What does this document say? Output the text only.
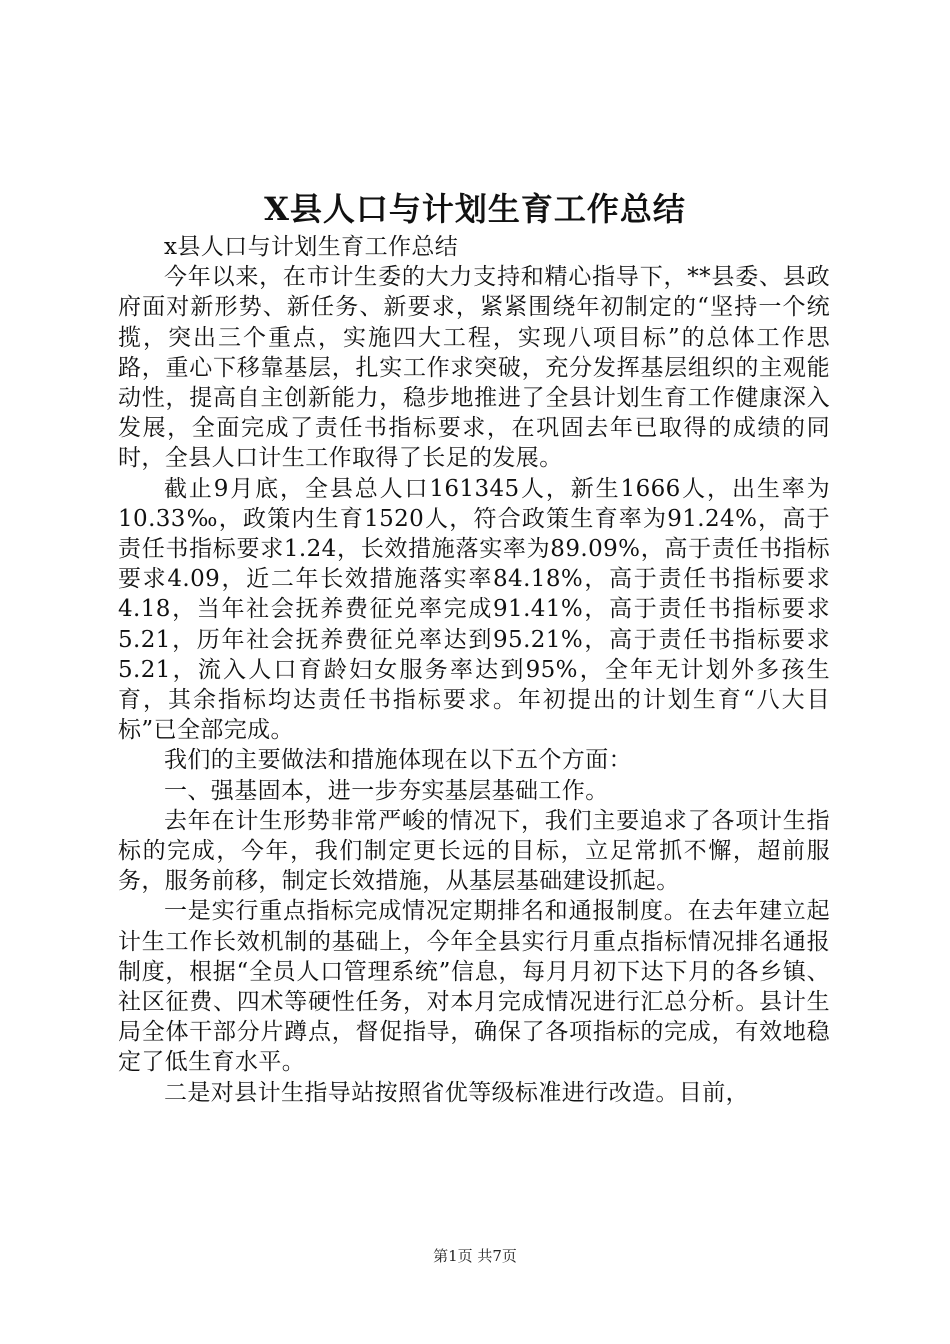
X县人口与计划生育工作总结

x县人口与计划生育工作总结

今年以来，在市计生委的大力支持和精心指导下，**县委、县政府面对新形势、新任务、新要求，紧紧围绕年初制定的“坚持一个统揽，突出三个重点，实施四大工程，实现八项目标”的总体工作思路，重心下移靠基层，扎实工作求突破，充分发挥基层组织的主观能动性，提高自主创新能力，稳步地推进了全县计划生育工作健康深入发展，全面完成了责任书指标要求，在巩固去年已取得的成绩的同时，全县人口计生工作取得了长足的发展。

截止9月底，全县总人口161345人，新生1666人，出生率为10.33‰，政策内生育1520人，符合政策生育率为91.24%，高于责任书指标要求1.24，长效措施落实率为89.09%，高于责任书指标要求4.09，近二年长效措施落实率84.18%，高于责任书指标要求4.18，当年社会抚养费征兑率完成91.41%，高于责任书指标要求5.21，历年社会抚养费征兑率达到95.21%，高于责任书指标要求5.21，流入人口育龄妇女服务率达到95%，全年无计划外多孩生育，其余指标均达责任书指标要求。年初提出的计划生育“八大目标”已全部完成。

我们的主要做法和措施体现在以下五个方面：

一、强基固本，进一步夯实基层基础工作。

去年在计生形势非常严峻的情况下，我们主要追求了各项计生指标的完成，今年，我们制定更长远的目标，立足常抓不懈，超前服务，服务前移，制定长效措施，从基层基础建设抓起。

一是实行重点指标完成情况定期排名和通报制度。在去年建立起计生工作长效机制的基础上，今年全县实行月重点指标情况排名通报制度，根据“全员人口管理系统”信息，每月月初下达下月的各乡镇、社区征费、四术等硬性任务，对本月完成情况进行汇总分析。县计生局全体干部分片蹲点，督促指导，确保了各项指标的完成，有效地稳定了低生育水平。

二是对县计生指导站按照省优等级标准进行改造。目前，

第1页 共7页
